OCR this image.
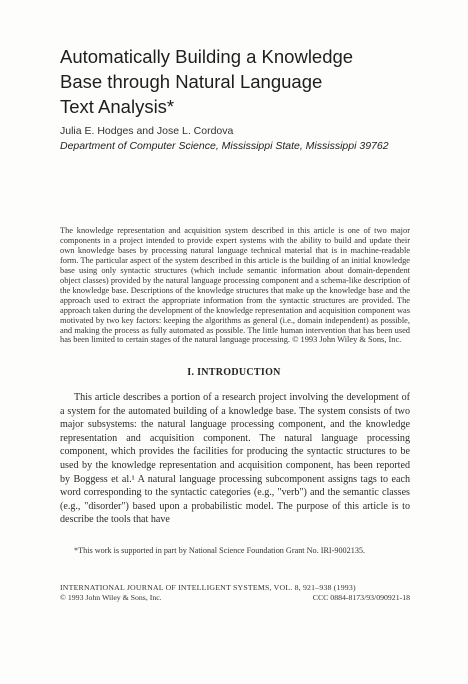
Automatically Building a Knowledge
Base through Natural Language
Text Analysis*
Julia E. Hodges and Jose L. Cordova
Department of Computer Science, Mississippi State, Mississippi 39762

The knowledge representation and acquisition system described in this article is one of two major components in a project intended to provide expert systems with the ability to build and update their own knowledge bases by processing natural language technical material that is in machine-readable form. The particular aspect of the system described in this article is the building of an initial knowledge base using only syntactic structures (which include semantic information about domain-dependent object classes) provided by the natural language processing component and a schema-like description of the knowledge base. Descriptions of the knowledge structures that make up the knowledge base and the approach used to extract the appropriate information from the syntactic structures are provided. The approach taken during the development of the knowledge representation and acquisition component was motivated by two key factors: keeping the algorithms as general (i.e., domain independent) as possible, and making the process as fully automated as possible. The little human intervention that has been used has been limited to certain stages of the natural language processing. © 1993 John Wiley & Sons, Inc.

I. INTRODUCTION

This article describes a portion of a research project involving the development of a system for the automated building of a knowledge base. The system consists of two major subsystems: the natural language processing component, and the knowledge representation and acquisition component. The natural language processing component, which provides the facilities for producing the syntactic structures to be used by the knowledge representation and acquisition component, has been reported by Boggess et al.¹ A natural language processing subcomponent assigns tags to each word corresponding to the syntactic categories (e.g., "verb") and the semantic classes (e.g., "disorder") based upon a probabilistic model. The purpose of this article is to describe the tools that have

*This work is supported in part by National Science Foundation Grant No. IRI-9002135.

INTERNATIONAL JOURNAL OF INTELLIGENT SYSTEMS, VOL. 8, 921–938 (1993)
© 1993 John Wiley & Sons, Inc.	CCC 0884-8173/93/090921-18
